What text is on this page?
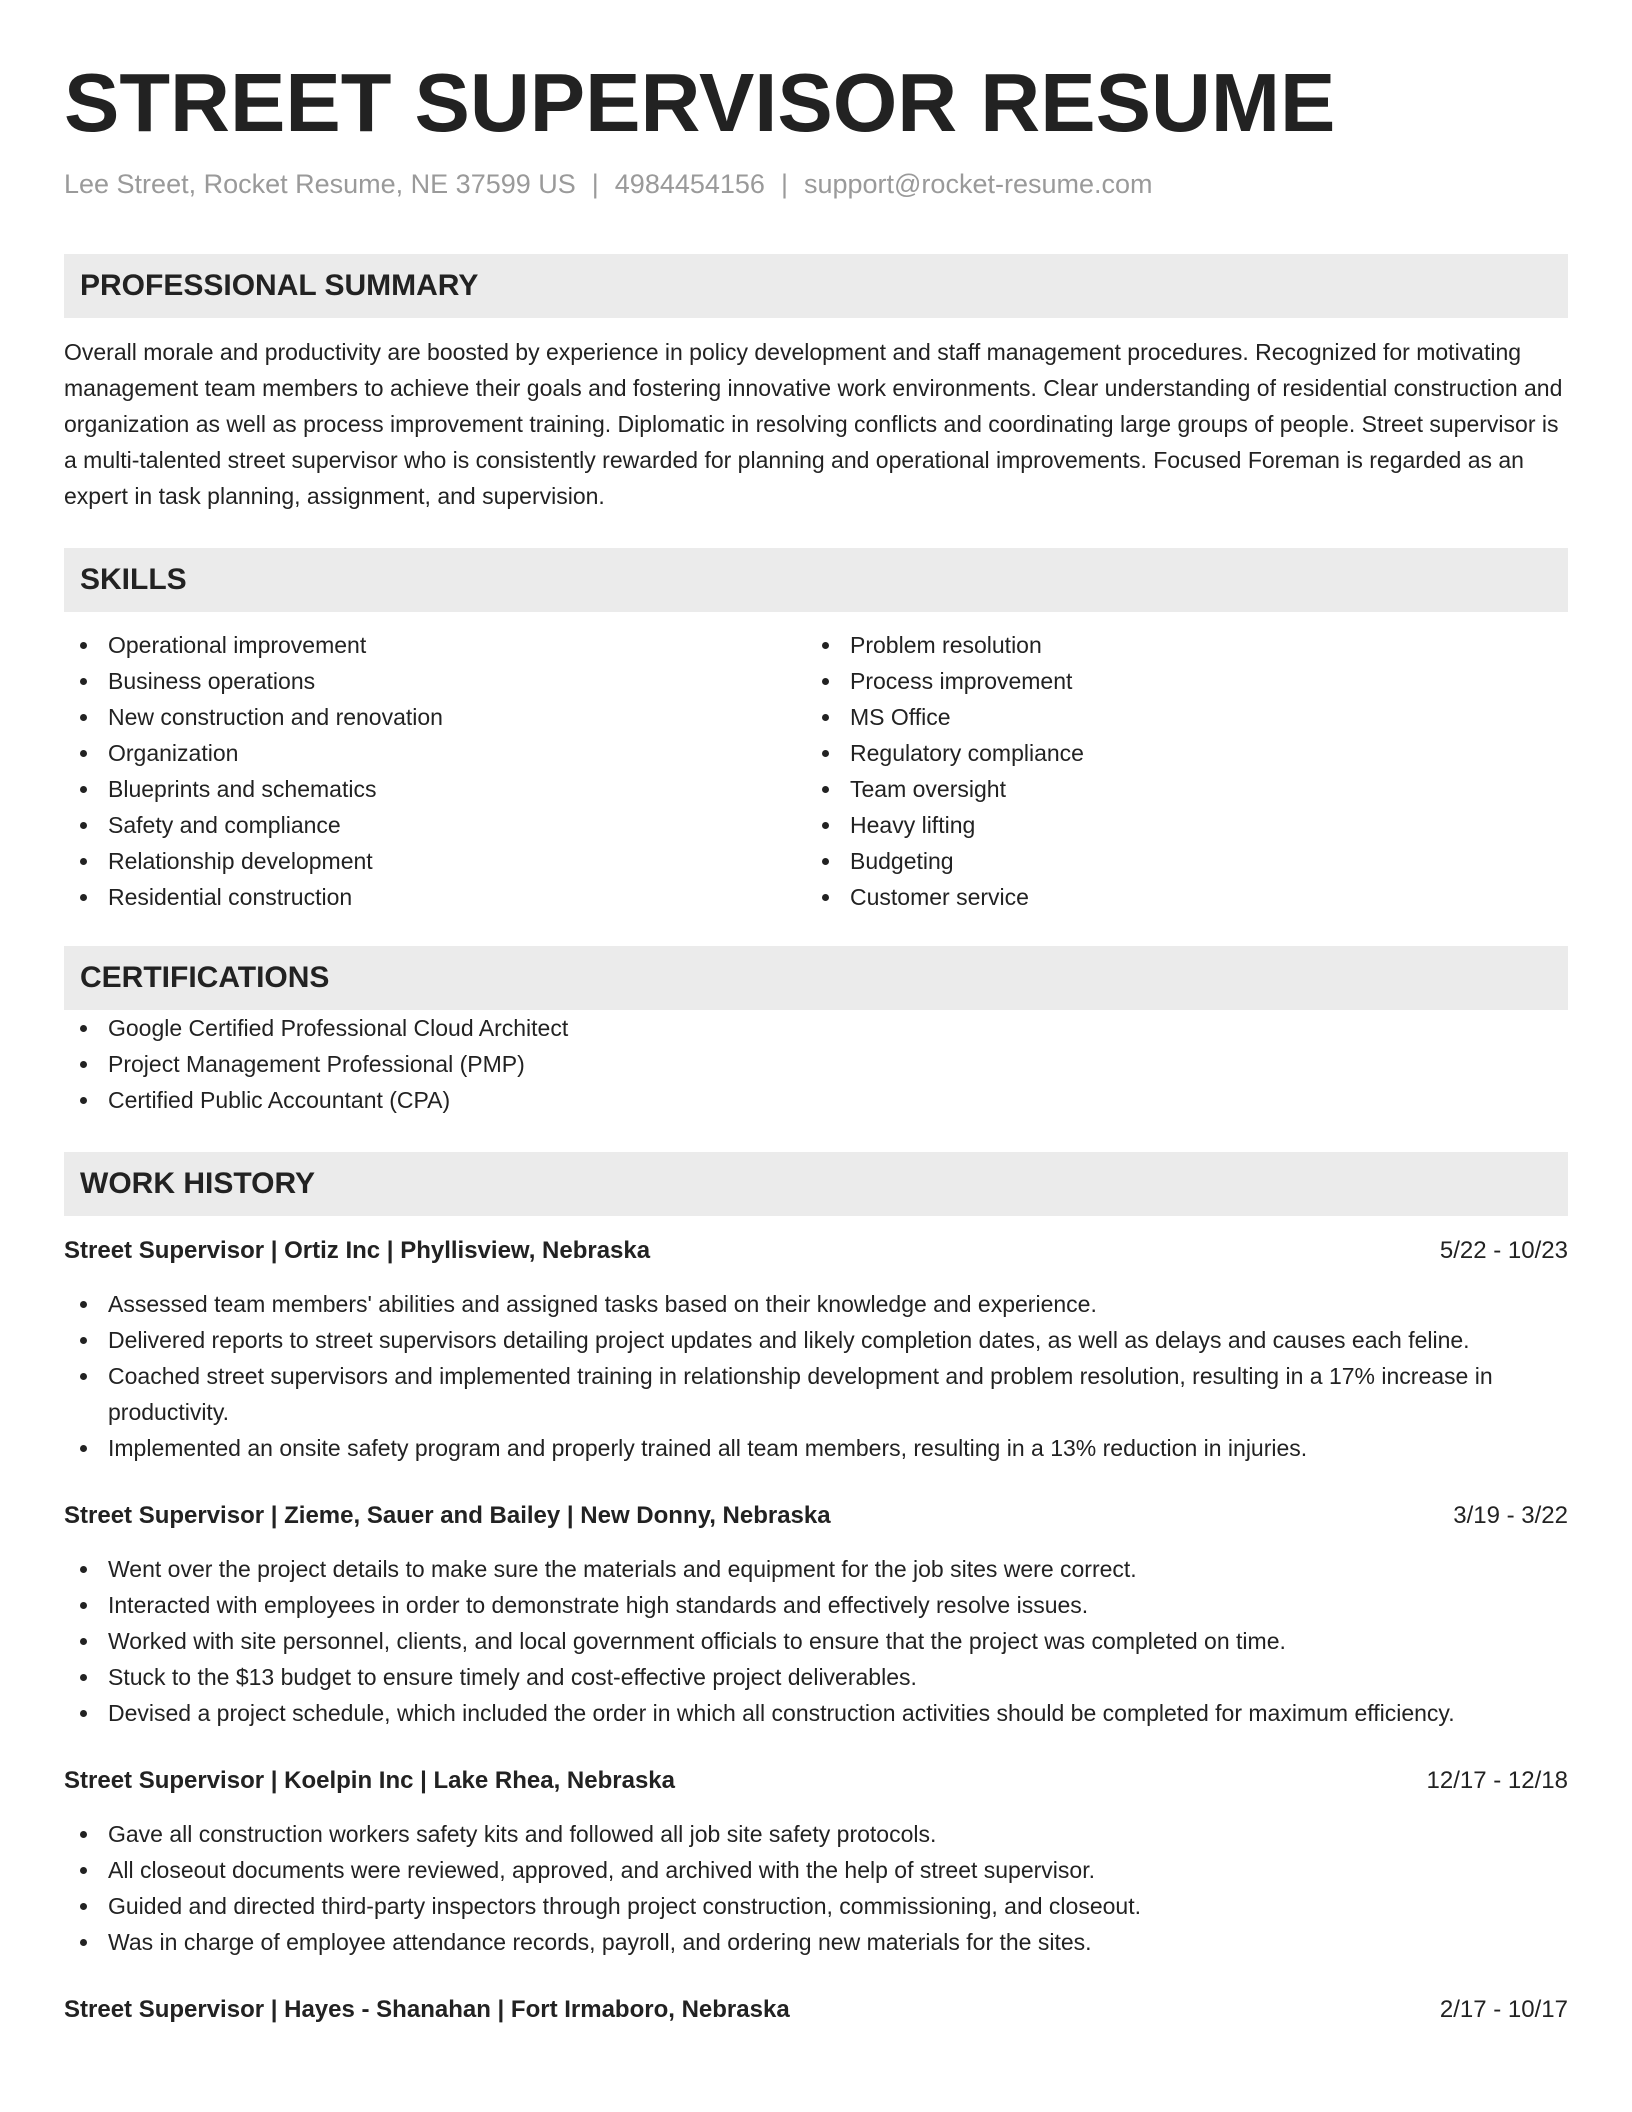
STREET SUPERVISOR RESUME
Lee Street, Rocket Resume, NE 37599 US | 4984454156 | support@rocket-resume.com
PROFESSIONAL SUMMARY
Overall morale and productivity are boosted by experience in policy development and staff management procedures. Recognized for motivating management team members to achieve their goals and fostering innovative work environments. Clear understanding of residential construction and organization as well as process improvement training. Diplomatic in resolving conflicts and coordinating large groups of people. Street supervisor is a multi-talented street supervisor who is consistently rewarded for planning and operational improvements. Focused Foreman is regarded as an expert in task planning, assignment, and supervision.
SKILLS
Operational improvement
Business operations
New construction and renovation
Organization
Blueprints and schematics
Safety and compliance
Relationship development
Residential construction
Problem resolution
Process improvement
MS Office
Regulatory compliance
Team oversight
Heavy lifting
Budgeting
Customer service
CERTIFICATIONS
Google Certified Professional Cloud Architect
Project Management Professional (PMP)
Certified Public Accountant (CPA)
WORK HISTORY
Street Supervisor | Ortiz Inc | Phyllisview, Nebraska	5/22 - 10/23
Assessed team members' abilities and assigned tasks based on their knowledge and experience.
Delivered reports to street supervisors detailing project updates and likely completion dates, as well as delays and causes each feline.
Coached street supervisors and implemented training in relationship development and problem resolution, resulting in a 17% increase in productivity.
Implemented an onsite safety program and properly trained all team members, resulting in a 13% reduction in injuries.
Street Supervisor | Zieme, Sauer and Bailey | New Donny, Nebraska	3/19 - 3/22
Went over the project details to make sure the materials and equipment for the job sites were correct.
Interacted with employees in order to demonstrate high standards and effectively resolve issues.
Worked with site personnel, clients, and local government officials to ensure that the project was completed on time.
Stuck to the $13 budget to ensure timely and cost-effective project deliverables.
Devised a project schedule, which included the order in which all construction activities should be completed for maximum efficiency.
Street Supervisor | Koelpin Inc | Lake Rhea, Nebraska	12/17 - 12/18
Gave all construction workers safety kits and followed all job site safety protocols.
All closeout documents were reviewed, approved, and archived with the help of street supervisor.
Guided and directed third-party inspectors through project construction, commissioning, and closeout.
Was in charge of employee attendance records, payroll, and ordering new materials for the sites.
Street Supervisor | Hayes - Shanahan | Fort Irmaboro, Nebraska	2/17 - 10/17
